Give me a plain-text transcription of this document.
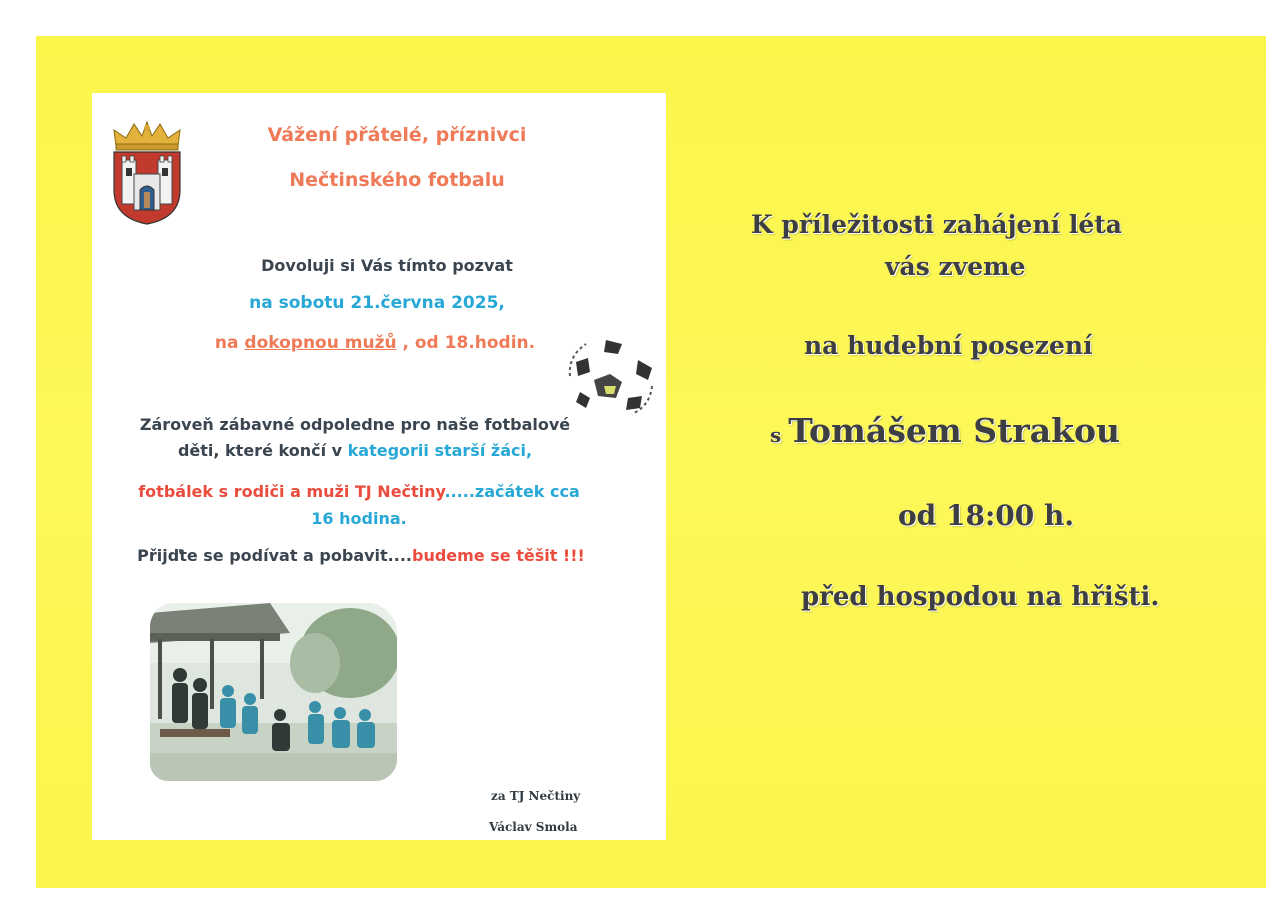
Vážení přátelé, příznivci
Nečtinského fotbalu
Dovoluji si Vás tímto pozvat
na sobotu 21.června 2025,
na dokopnou mužů , od 18.hodin.
Zároveň zábavné odpoledne pro naše fotbalové
děti, které končí v kategorii starší žáci,
fotbálek s rodiči a muži TJ Nečtiny.....začátek cca
16 hodina.
Přijďte se podívat a pobavit....budeme se těšit !!!
za TJ Nečtiny
Václav Smola
K příležitosti zahájení léta
vás zveme
na hudební posezení
s Tomášem Strakou
od 18:00 h.
před hospodou na hřišti.
